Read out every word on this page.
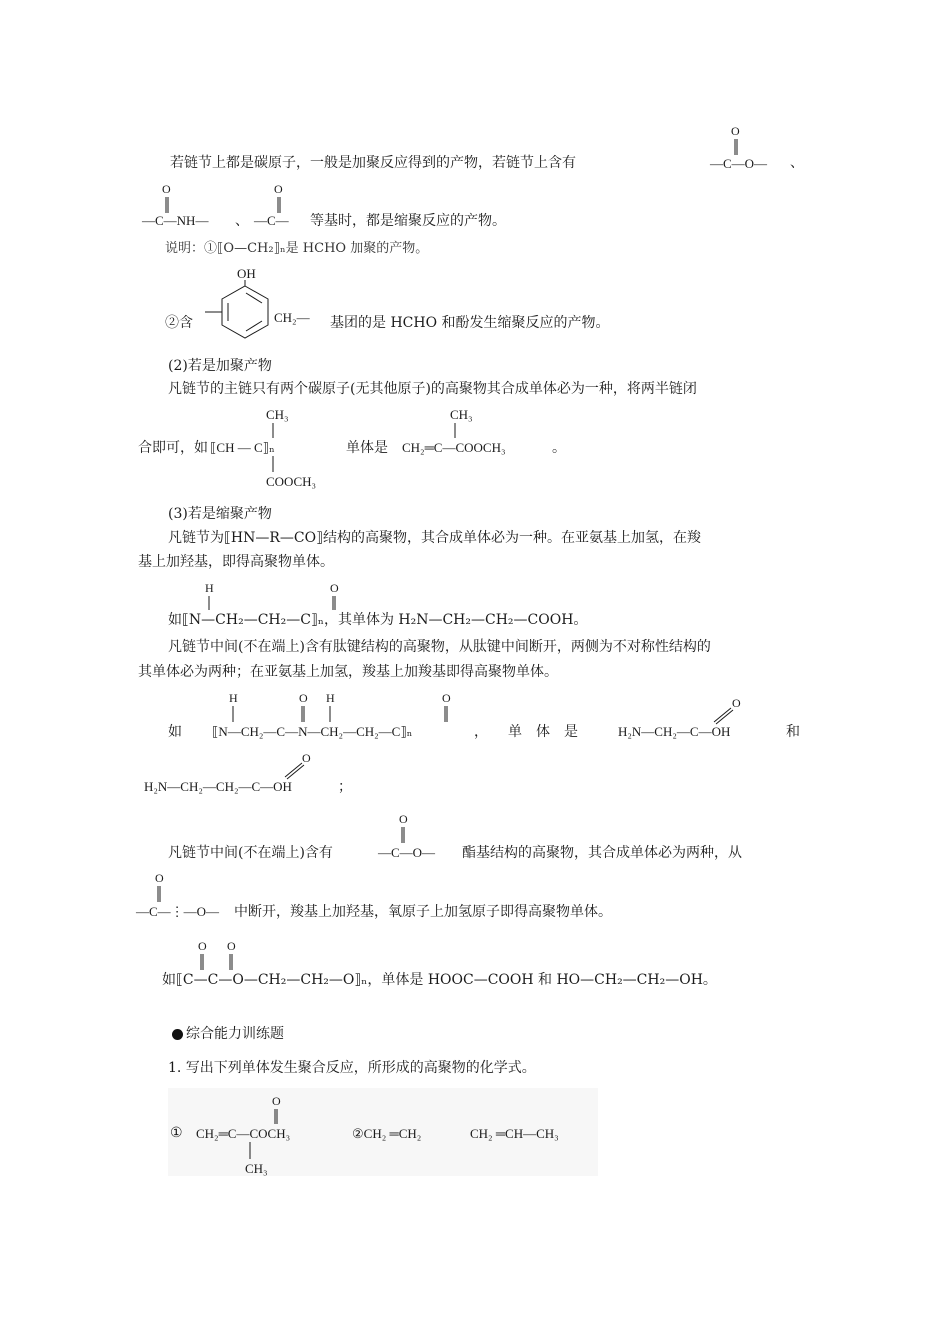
若链节上都是碳原子，一般是加聚反应得到的产物，若链节上含有
O
—C—O— 、
O
—C—NH— 、
O
—C— 等基时，都是缩聚反应的产物。
说明：①⟦O—CH₂⟧ₙ是 HCHO 加聚的产物。
OH
②含	CH₂— 基团的是 HCHO 和酚发生缩聚反应的产物。
(2)若是加聚产物
凡链节的主链只有两个碳原子(无其他原子)的高聚物其合成单体必为一种，将两半链闭
CH₃
合即可，如 ⟦CH — C⟧ₙ
COOCH₃
单体是
CH₃
CH₂═C—COOCH₃	。
(3)若是缩聚产物
凡链节为⟦HN—R—CO⟧结构的高聚物，其合成单体必为一种。在亚氨基上加氢，在羧
基上加羟基，即得高聚物单体。
H	O
如⟦N—CH₂—CH₂—C⟧ₙ，其单体为 H₂N—CH₂—CH₂—COOH。
凡链节中间(不在端上)含有肽键结构的高聚物，从肽键中间断开，两侧为不对称性结构的
其单体必为两种；在亚氨基上加氢，羧基上加羧基即得高聚物单体。
H	O H	O
如 ⟦N—CH₂—C—N—CH₂—CH₂—C⟧ₙ	， 单　体　是
O
H₂N—CH₂—C—OH	和
O
H₂N—CH₂—CH₂—C—OH	；
O
凡链节中间(不在端上)含有	—C—O— 酯基结构的高聚物，其合成单体必为两种，从
O
—C—⋮—O— 中断开，羧基上加羟基，氧原子上加氢原子即得高聚物单体。
O O
如⟦C—C—O—CH₂—CH₂—O⟧ₙ，单体是 HOOC—COOH 和 HO—CH₂—CH₂—OH。
综合能力训练题
1. 写出下列单体发生聚合反应，所形成的高聚物的化学式。
O
① CH₂═C—COCH₃
CH₃
②CH₂ ═CH₂	CH₂ ═CH—CH₃
